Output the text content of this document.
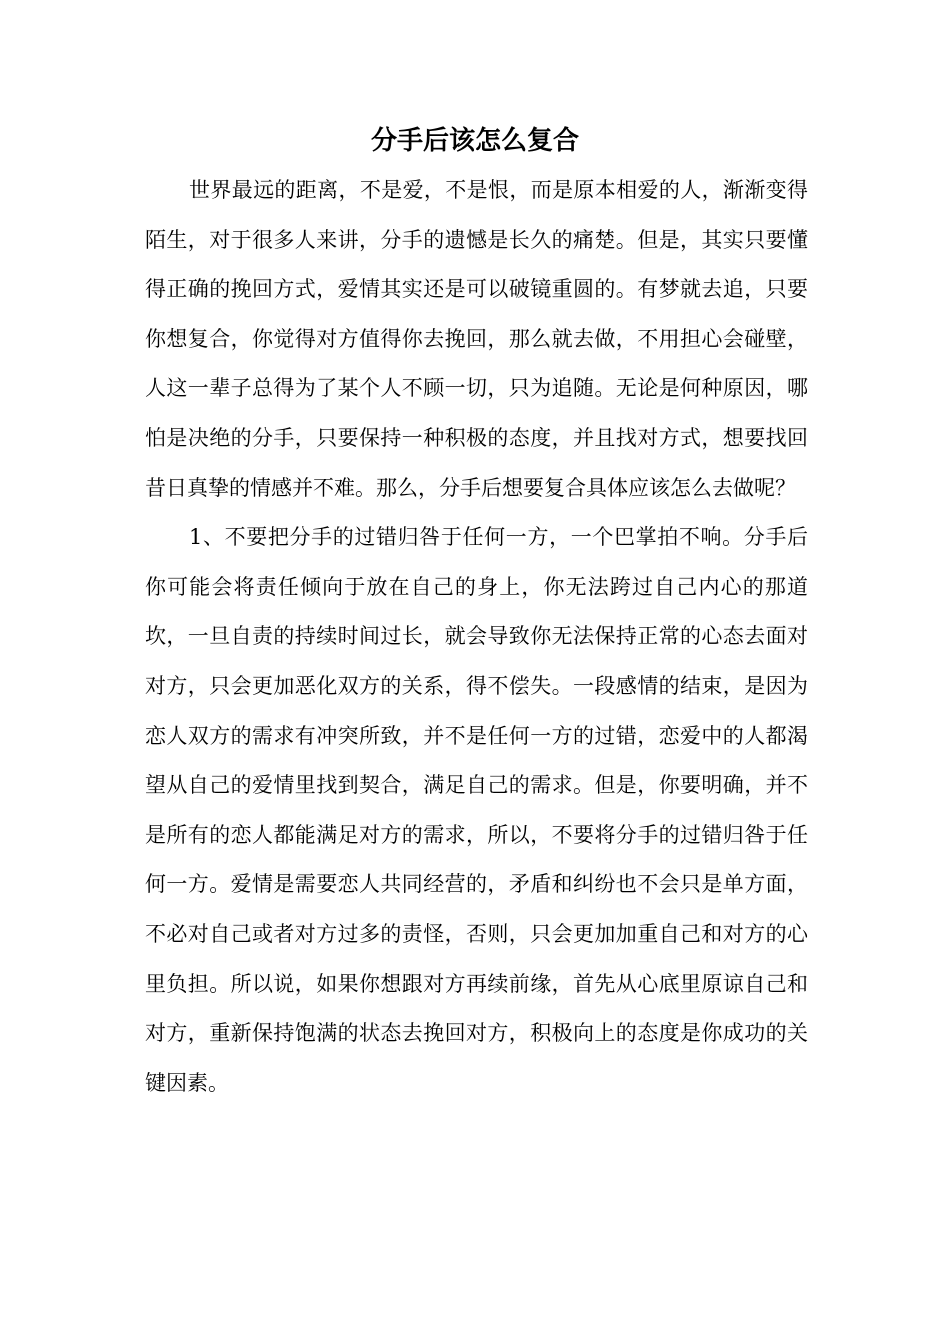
分手后该怎么复合

世界最远的距离，不是爱，不是恨，而是原本相爱的人，渐渐变得陌生，对于很多人来讲，分手的遗憾是长久的痛楚。但是，其实只要懂得正确的挽回方式，爱情其实还是可以破镜重圆的。有梦就去追，只要你想复合，你觉得对方值得你去挽回，那么就去做，不用担心会碰壁，人这一辈子总得为了某个人不顾一切，只为追随。无论是何种原因，哪怕是决绝的分手，只要保持一种积极的态度，并且找对方式，想要找回昔日真挚的情感并不难。那么，分手后想要复合具体应该怎么去做呢？

1、不要把分手的过错归咎于任何一方，一个巴掌拍不响。分手后你可能会将责任倾向于放在自己的身上，你无法跨过自己内心的那道坎，一旦自责的持续时间过长，就会导致你无法保持正常的心态去面对对方，只会更加恶化双方的关系，得不偿失。一段感情的结束，是因为恋人双方的需求有冲突所致，并不是任何一方的过错，恋爱中的人都渴望从自己的爱情里找到契合，满足自己的需求。但是，你要明确，并不是所有的恋人都能满足对方的需求，所以，不要将分手的过错归咎于任何一方。爱情是需要恋人共同经营的，矛盾和纠纷也不会只是单方面，不必对自己或者对方过多的责怪，否则，只会更加加重自己和对方的心里负担。所以说，如果你想跟对方再续前缘，首先从心底里原谅自己和对方，重新保持饱满的状态去挽回对方，积极向上的态度是你成功的关键因素。
